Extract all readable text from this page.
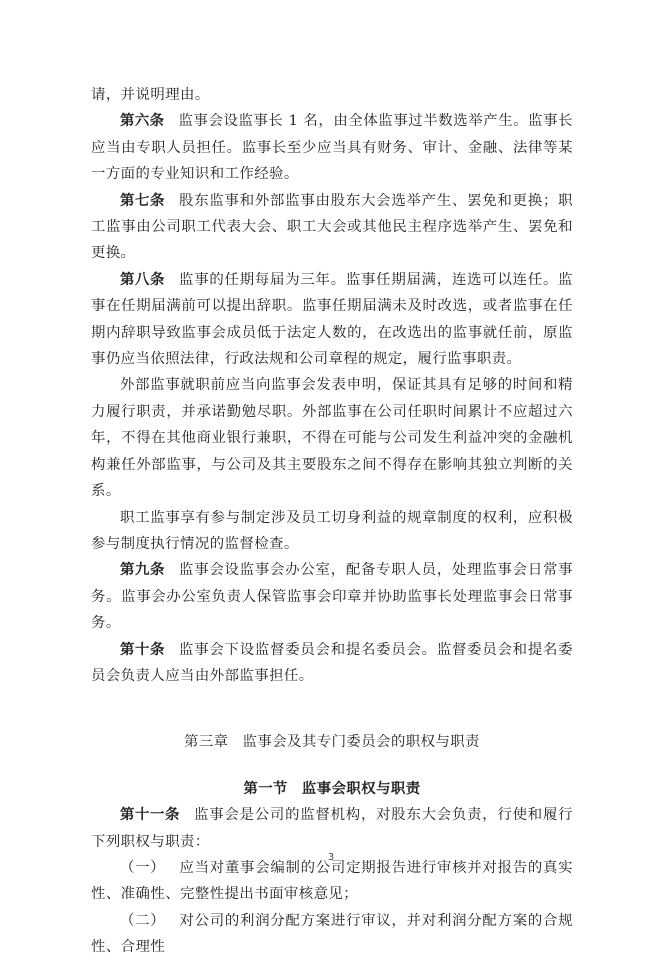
请，并说明理由。

第六条 监事会设监事长 1 名，由全体监事过半数选举产生。监事长应当由专职人员担任。监事长至少应当具有财务、审计、金融、法律等某一方面的专业知识和工作经验。

第七条 股东监事和外部监事由股东大会选举产生、罢免和更换；职工监事由公司职工代表大会、职工大会或其他民主程序选举产生、罢免和更换。

第八条 监事的任期每届为三年。监事任期届满，连选可以连任。监事在任期届满前可以提出辞职。监事任期届满未及时改选，或者监事在任期内辞职导致监事会成员低于法定人数的，在改选出的监事就任前，原监事仍应当依照法律，行政法规和公司章程的规定，履行监事职责。

外部监事就职前应当向监事会发表申明，保证其具有足够的时间和精力履行职责，并承诺勤勉尽职。外部监事在公司任职时间累计不应超过六年，不得在其他商业银行兼职，不得在可能与公司发生利益冲突的金融机构兼任外部监事，与公司及其主要股东之间不得存在影响其独立判断的关系。

职工监事享有参与制定涉及员工切身利益的规章制度的权利，应积极参与制度执行情况的监督检查。

第九条 监事会设监事会办公室，配备专职人员，处理监事会日常事务。监事会办公室负责人保管监事会印章并协助监事长处理监事会日常事务。

第十条 监事会下设监督委员会和提名委员会。监督委员会和提名委员会负责人应当由外部监事担任。

第三章 监事会及其专门委员会的职权与职责

第一节 监事会职权与职责

第十一条 监事会是公司的监督机构，对股东大会负责，行使和履行下列职权与职责：

（一） 应当对董事会编制的公司定期报告进行审核并对报告的真实性、准确性、完整性提出书面审核意见；

（二） 对公司的利润分配方案进行审议，并对利润分配方案的合规性、合理性

3
